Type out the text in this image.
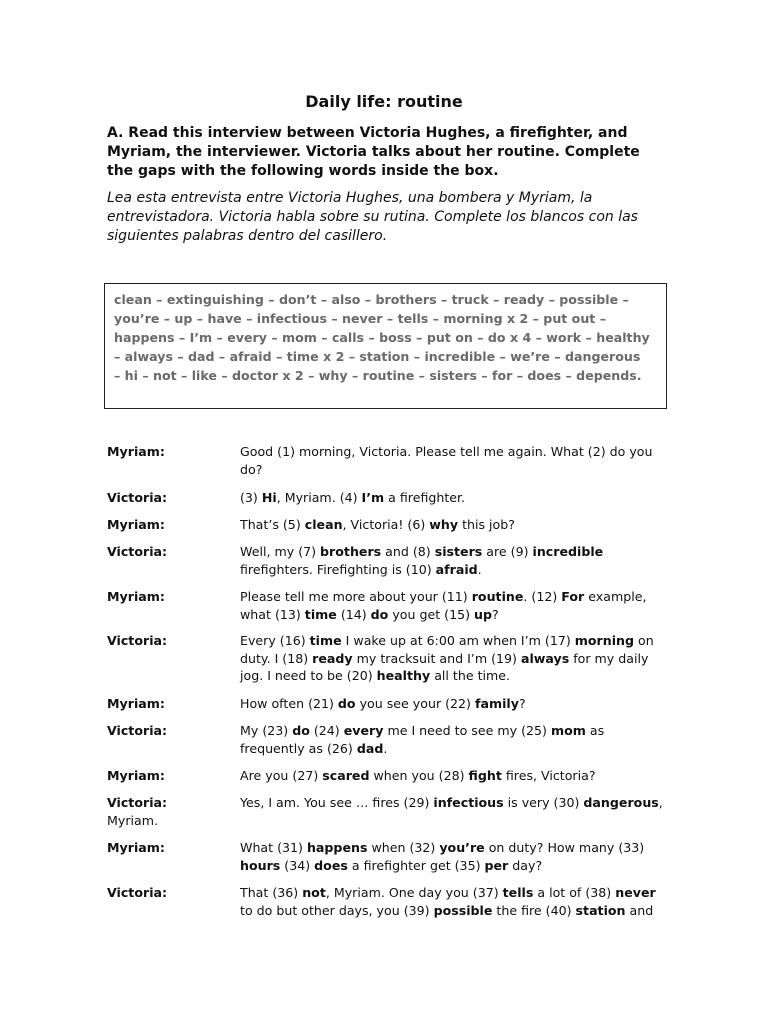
Daily life: routine
A. Read this interview between Victoria Hughes, a firefighter, and Myriam, the interviewer. Victoria talks about her routine. Complete the gaps with the following words inside the box.
Lea esta entrevista entre Victoria Hughes, una bombera y Myriam, la entrevistadora. Victoria habla sobre su rutina. Complete los blancos con las siguientes palabras dentro del casillero.
clean – extinguishing – don’t – also – brothers – truck – ready – possible –
you’re – up – have – infectious – never – tells – morning x 2 – put out –
happens – I’m – every – mom – calls – boss – put on – do x 4 – work – healthy
– always – dad – afraid – time x 2 – station – incredible – we’re – dangerous
– hi – not – like – doctor x 2 – why – routine – sisters – for – does – depends.
Myriam:	Good (1) morning, Victoria. Please tell me again. What (2) do you do?
Victoria:	(3) Hi, Myriam. (4) I’m a firefighter.
Myriam:	That’s (5) clean, Victoria! (6) why this job?
Victoria:	Well, my (7) brothers and (8) sisters are (9) incredible firefighters. Firefighting is (10) afraid.
Myriam:	Please tell me more about your (11) routine. (12) For example, what (13) time (14) do you get (15) up?
Victoria:	Every (16) time I wake up at 6:00 am when I’m (17) morning on duty. I (18) ready my tracksuit and I’m (19) always for my daily jog. I need to be (20) healthy all the time.
Myriam:	How often (21) do you see your (22) family?
Victoria:	My (23) do (24) every me I need to see my (25) mom as frequently as (26) dad.
Myriam:	Are you (27) scared when you (28) fight fires, Victoria?
Victoria:	Yes, I am. You see … fires (29) infectious is very (30) dangerous, Myriam.
Myriam:	What (31) happens when (32) you’re on duty? How many (33) hours (34) does a firefighter get (35) per day?
Victoria:	That (36) not, Myriam. One day you (37) tells a lot of (38) never to do but other days, you (39) possible the fire (40) station and
